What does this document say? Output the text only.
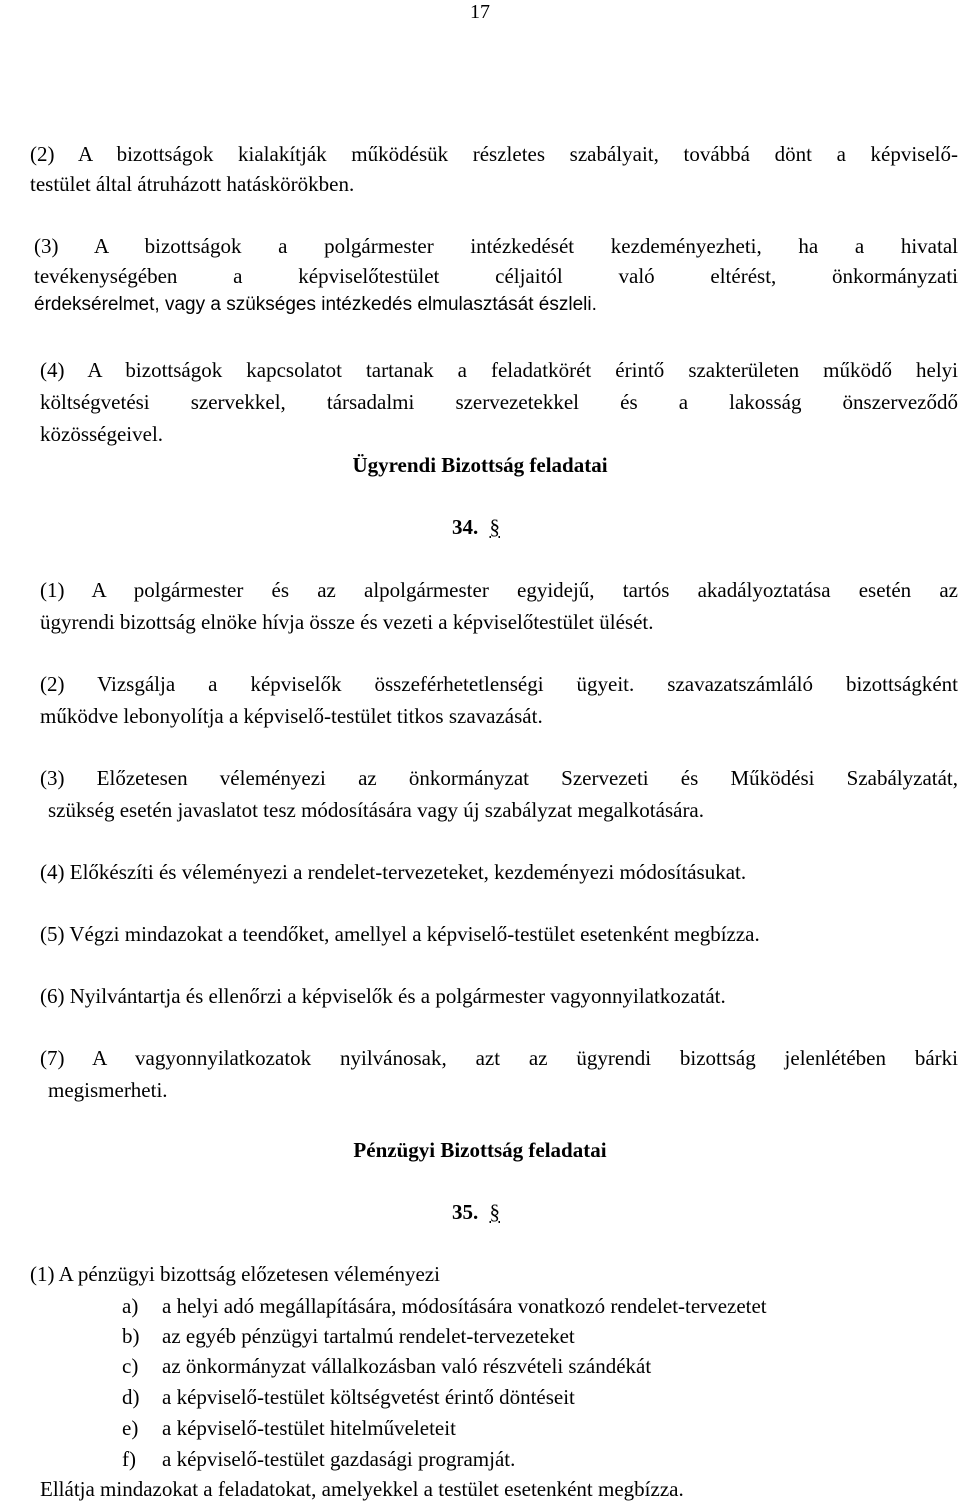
17
(2) A bizottságok kialakítják működésük részletes szabályait, továbbá dönt a képviselő-
testület által átruházott hatáskörökben.
(3) A bizottságok a polgármester intézkedését kezdeményezheti, ha a hivatal
tevékenységében a képviselőtestület céljaitól való eltérést, önkormányzati
érdeksérelmet, vagy a szükséges intézkedés elmulasztását észleli.
(4) A bizottságok kapcsolatot tartanak a feladatkörét érintő szakterületen működő helyi
költségvetési szervekkel, társadalmi szervezetekkel és a lakosság önszerveződő
közösségeivel.
Ügyrendi Bizottság feladatai
34. §
(1) A polgármester és az alpolgármester egyidejű, tartós akadályoztatása esetén az
ügyrendi bizottság elnöke hívja össze és vezeti a képviselőtestület ülését.
(2) Vizsgálja a képviselők összeférhetetlenségi ügyeit. szavazatszámláló bizottságként
működve lebonyolítja a képviselő-testület titkos szavazását.
(3) Előzetesen véleményezi az önkormányzat Szervezeti és Működési Szabályzatát,
szükség esetén javaslatot tesz módosítására vagy új szabályzat megalkotására.
(4) Előkészíti és véleményezi a rendelet-tervezeteket, kezdeményezi módosításukat.
(5) Végzi mindazokat a teendőket, amellyel a képviselő-testület esetenként megbízza.
(6) Nyilvántartja és ellenőrzi a képviselők és a polgármester vagyonnyilatkozatát.
(7) A vagyonnyilatkozatok nyilvánosak, azt az ügyrendi bizottság jelenlétében bárki
megismerheti.
Pénzügyi Bizottság feladatai
35. §
(1) A pénzügyi bizottság előzetesen véleményezi
a) a helyi adó megállapítására, módosítására vonatkozó rendelet-tervezetet
b) az egyéb pénzügyi tartalmú rendelet-tervezeteket
c) az önkormányzat vállalkozásban való részvételi szándékát
d) a képviselő-testület költségvetést érintő döntéseit
e) a képviselő-testület hitelműveleteit
f) a képviselő-testület gazdasági programját.
Ellátja mindazokat a feladatokat, amelyekkel a testület esetenként megbízza.
